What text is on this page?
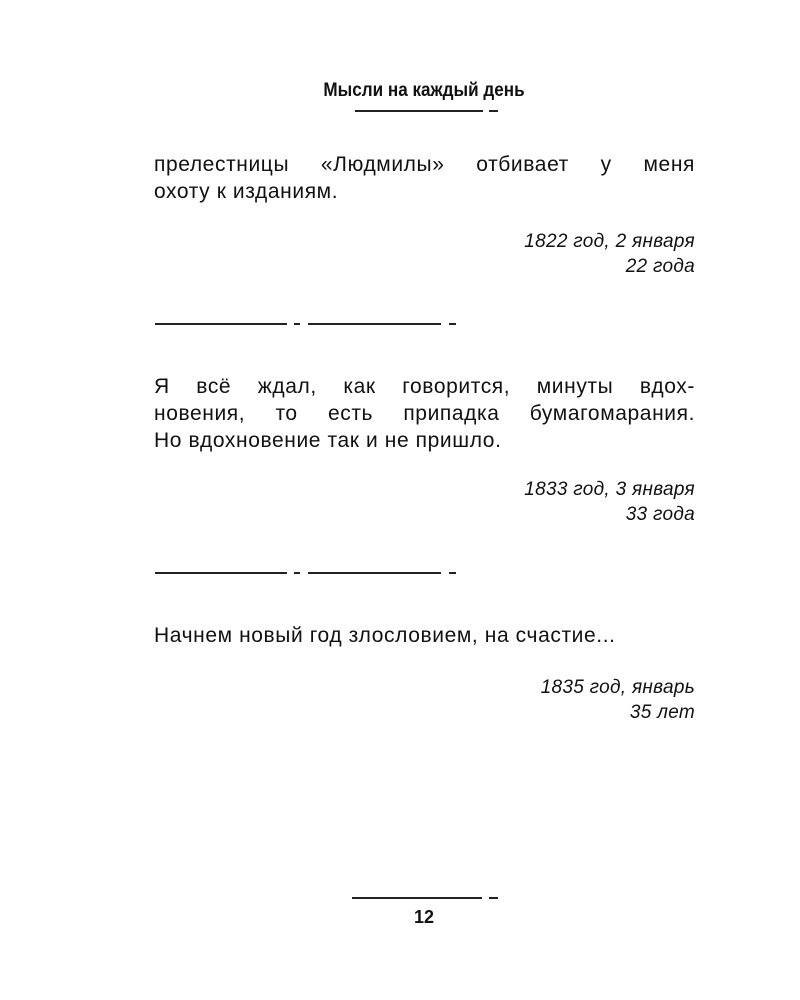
Мысли на каждый день
прелестницы «Людмилы» отбивает у меня
охоту к изданиям.
1822 год, 2 января
22 года
Я всё ждал, как говорится, минуты вдох-
новения, то есть припадка бумагомарания.
Но вдохновение так и не пришло.
1833 год, 3 января
33 года
Начнем новый год злословием, на счастие...
1835 год, январь
35 лет
12
